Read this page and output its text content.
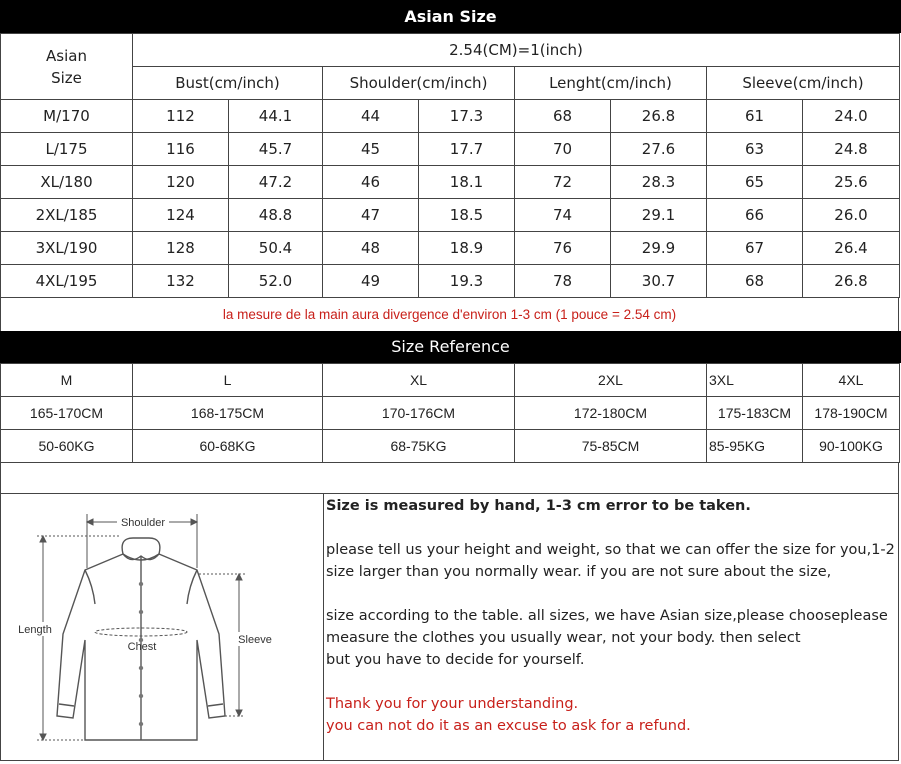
Asian Size
Asian
Size	2.54(CM)=1(inch)							
	Bust(cm/inch)		Shoulder(cm/inch)		Lenght(cm/inch)		Sleeve(cm/inch)	
M/170	112	44.1	44	17.3	68	26.8	61	24.0
L/175	116	45.7	45	17.7	70	27.6	63	24.8
XL/180	120	47.2	46	18.1	72	28.3	65	25.6
2XL/185	124	48.8	47	18.5	74	29.1	66	26.0
3XL/190	128	50.4	48	18.9	76	29.9	67	26.4
4XL/195	132	52.0	49	19.3	78	30.7	68	26.8
la mesure de la main aura divergence d'environ 1-3 cm (1 pouce = 2.54 cm)
Size Reference
M	L	XL	2XL	3XL	4XL
165-170CM	168-175CM	170-176CM	172-180CM	175-183CM	178-190CM
50-60KG	60-68KG	68-75KG	75-85CM	85-95KG	90-100KG
Shoulder
Length
Chest
Sleeve
Size is measured by hand, 1-3 cm error to be taken.
please tell us your height and weight, so that we can offer the size for you,1-2
size larger than you normally wear. if you are not sure about the size,
size according to the table. all sizes, we have Asian size,please chooseplease
measure the clothes you usually wear, not your body. then select
but you have to decide for yourself.
Thank you for your understanding.
you can not do it as an excuse to ask for a refund.
